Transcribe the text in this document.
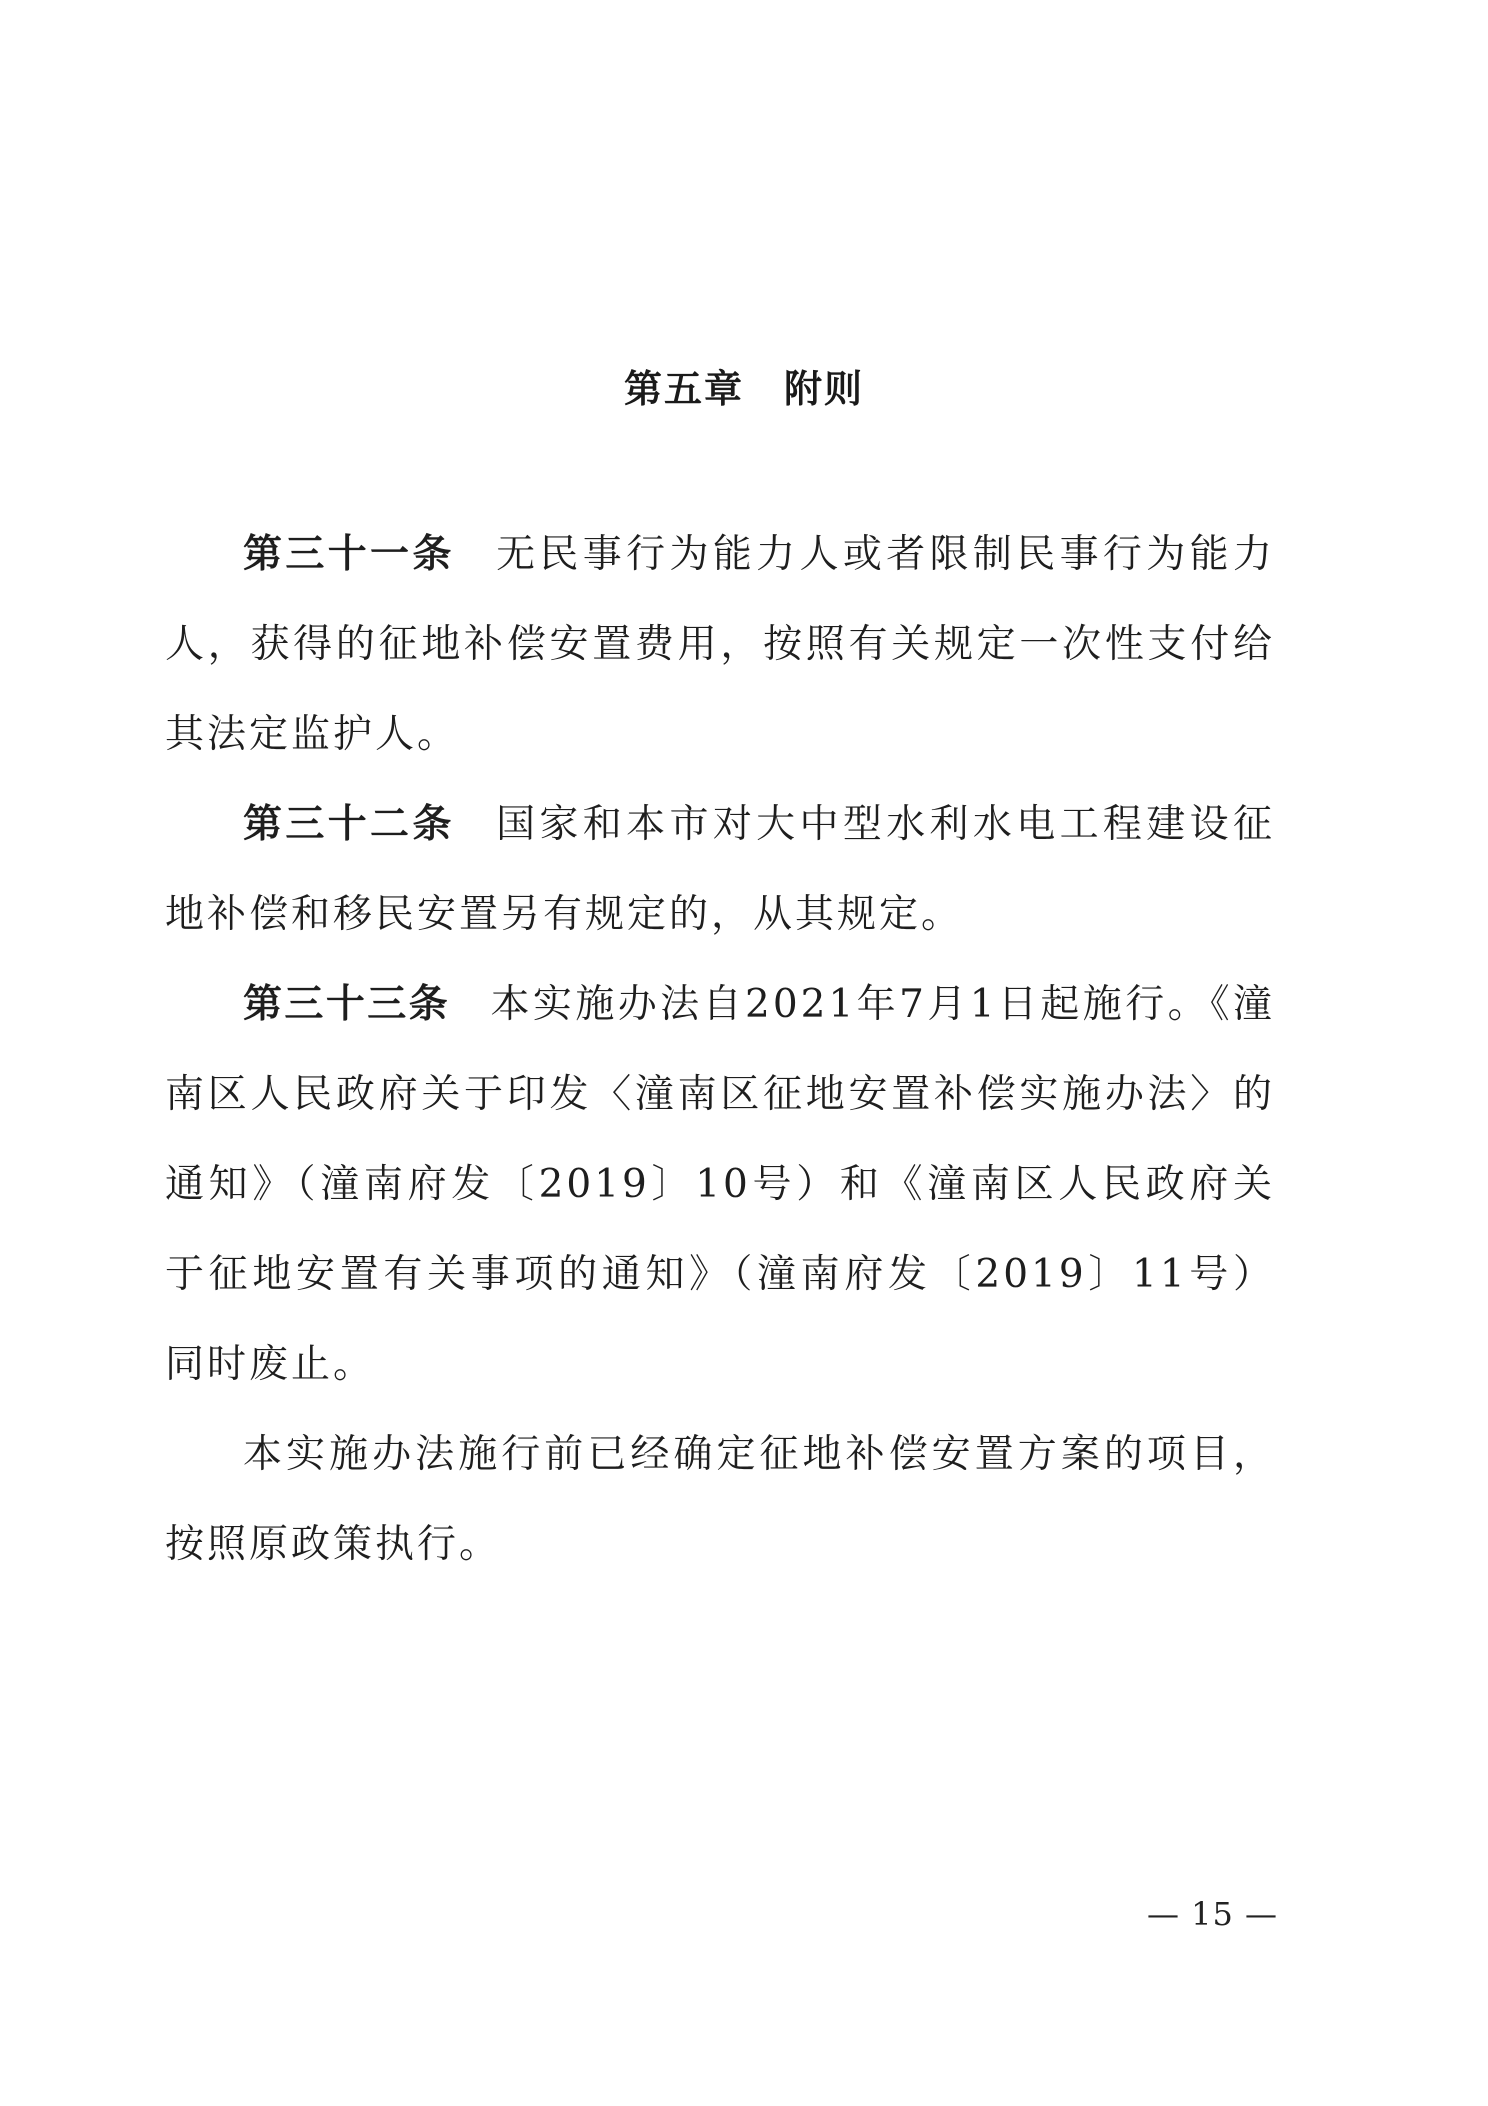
第五章　附则

第三十一条 无民事行为能力人或者限制民事行为能力人，获得的征地补偿安置费用，按照有关规定一次性支付给其法定监护人。

第三十二条 国家和本市对大中型水利水电工程建设征地补偿和移民安置另有规定的，从其规定。

第三十三条 本实施办法自2021年7月1日起施行。《潼南区人民政府关于印发〈潼南区征地安置补偿实施办法〉的通知》（潼南府发〔2019〕10号）和《潼南区人民政府关于征地安置有关事项的通知》（潼南府发〔2019〕11号）同时废止。

本实施办法施行前已经确定征地补偿安置方案的项目，按照原政策执行。

— 15 —
